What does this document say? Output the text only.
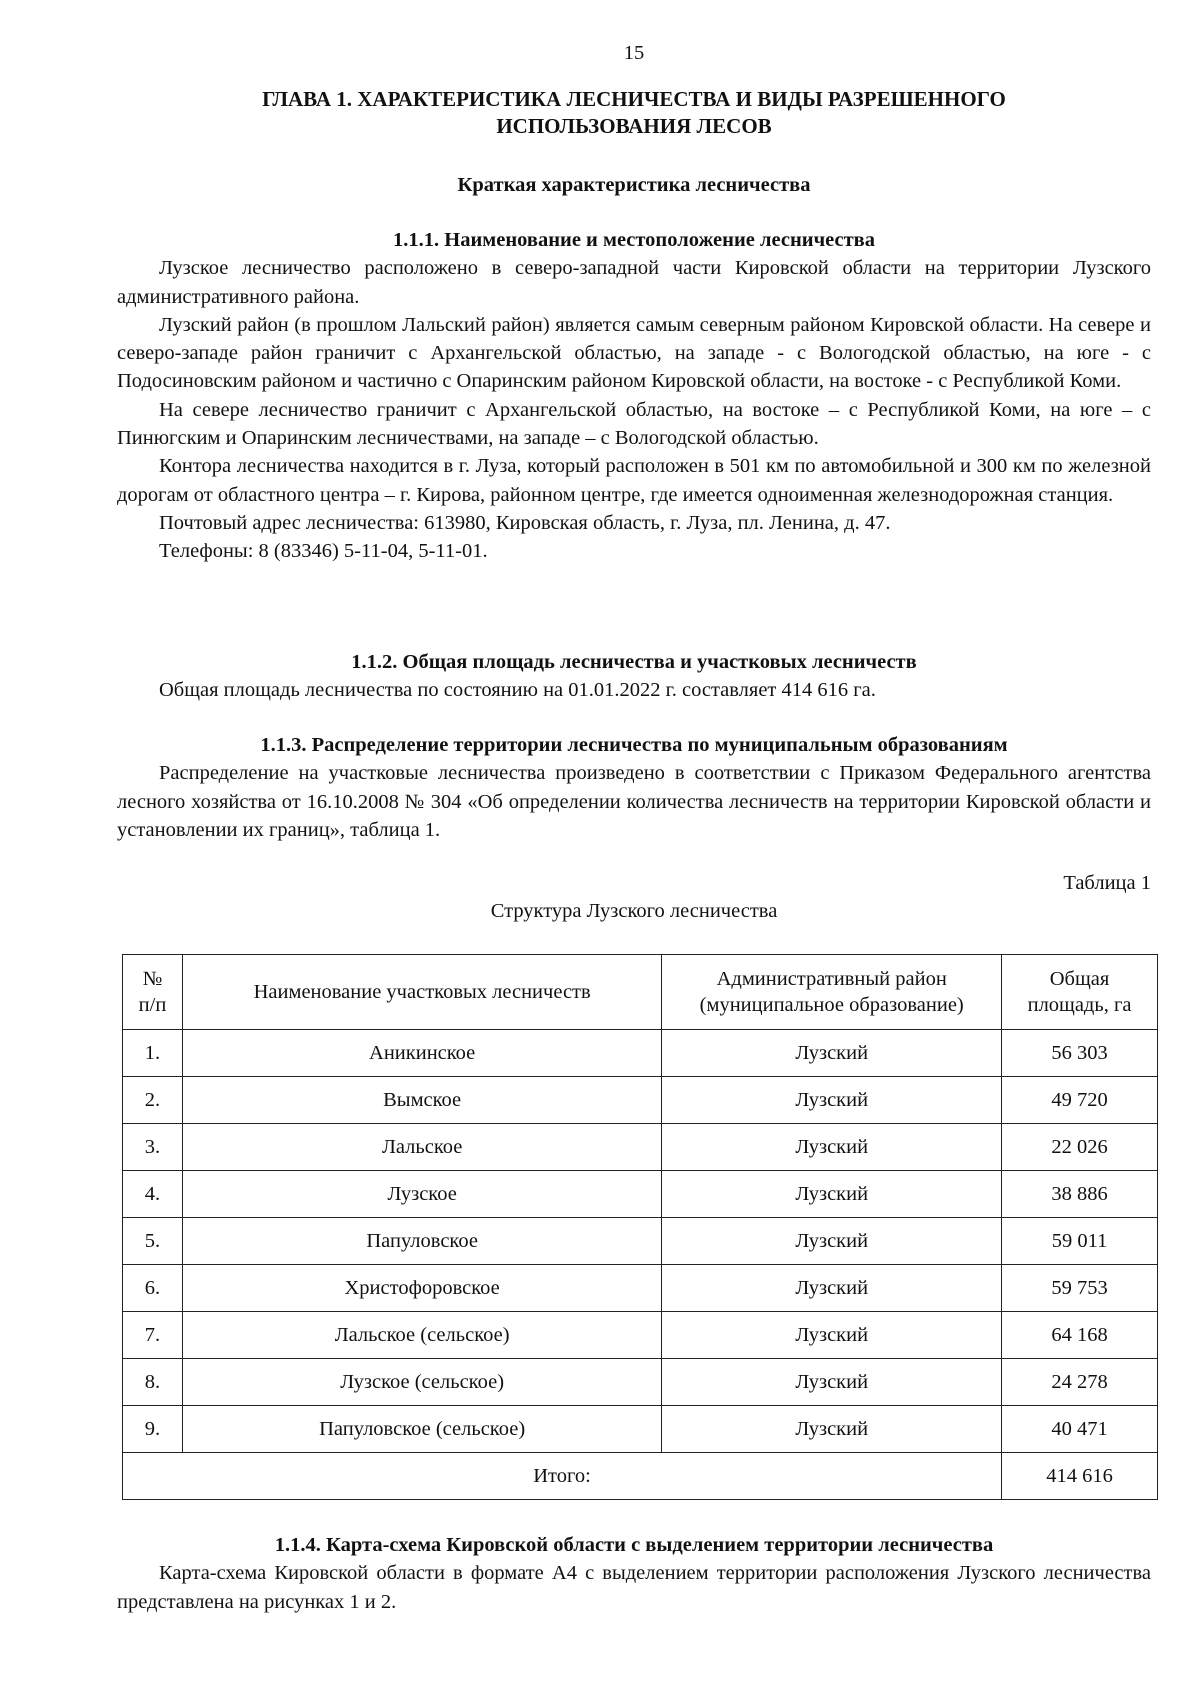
15
ГЛАВА 1. ХАРАКТЕРИСТИКА ЛЕСНИЧЕСТВА И ВИДЫ РАЗРЕШЕННОГО
ИСПОЛЬЗОВАНИЯ ЛЕСОВ
Краткая характеристика лесничества
1.1.1. Наименование и местоположение лесничества

Лузское лесничество расположено в северо-западной части Кировской области на территории Лузского административного района.

Лузский район (в прошлом Лальский район) является самым северным районом Кировской области. На севере и северо-западе район граничит с Архангельской областью, на западе - с Вологодской областью, на юге - с Подосиновским районом и частично с Опаринским районом Кировской области, на востоке - с Республикой Коми.

На севере лесничество граничит с Архангельской областью, на востоке – с Республикой Коми, на юге – с Пинюгским и Опаринским лесничествами, на западе – с Вологодской областью.

Контора лесничества находится в г. Луза, который расположен в 501 км по автомобильной и 300 км по железной дорогам от областного центра – г. Кирова, районном центре, где имеется одноименная железнодорожная станция.

Почтовый адрес лесничества: 613980, Кировская область, г. Луза, пл. Ленина, д. 47.

Телефоны: 8 (83346) 5-11-04, 5-11-01.

1.1.2. Общая площадь лесничества и участковых лесничеств

Общая площадь лесничества по состоянию на 01.01.2022 г. составляет 414 616 га.

1.1.3. Распределение территории лесничества по муниципальным образованиям

Распределение на участковые лесничества произведено в соответствии с Приказом Федерального агентства лесного хозяйства от 16.10.2008 № 304 «Об определении количества лесничеств на территории Кировской области и установлении их границ», таблица 1.

Таблица 1
Структура Лузского лесничества
№ п/п	Наименование участковых лесничеств	Административный район (муниципальное образование)	Общая площадь, га
1.	Аникинское	Лузский	56 303
2.	Вымское	Лузский	49 720
3.	Лальское	Лузский	22 026
4.	Лузское	Лузский	38 886
5.	Папуловское	Лузский	59 011
6.	Христофоровское	Лузский	59 753
7.	Лальское (сельское)	Лузский	64 168
8.	Лузское (сельское)	Лузский	24 278
9.	Папуловское (сельское)	Лузский	40 471
Итого:			414 616
1.1.4. Карта-схема Кировской области с выделением территории лесничества

Карта-схема Кировской области в формате А4 с выделением территории расположения Лузского лесничества представлена на рисунках 1 и 2.
